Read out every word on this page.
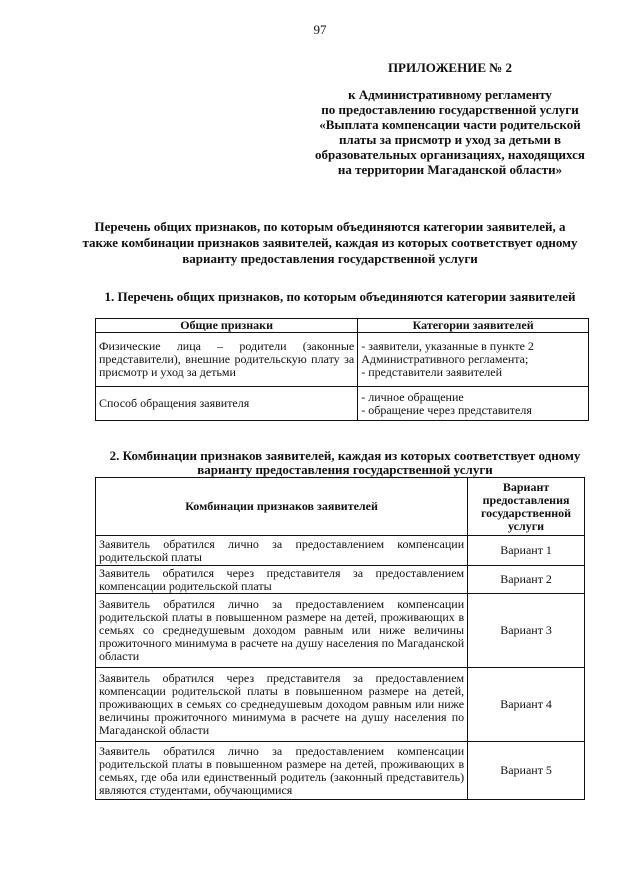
97
ПРИЛОЖЕНИЕ № 2
к Административному регламенту
по предоставлению государственной услуги
«Выплата компенсации части родительской
платы за присмотр и уход за детьми в
образовательных организациях, находящихся
на территории Магаданской области»
Перечень общих признаков, по которым объединяются категории заявителей, а
также комбинации признаков заявителей, каждая из которых соответствует одному
варианту предоставления государственной услуги
1. Перечень общих признаков, по которым объединяются категории заявителей
Общие признаки	Категории заявителей
Физические лица – родители (законные представители), внешние родительскую плату за присмотр и уход за детьми	- заявители, указанные в пункте 2 Административного регламента;
- представители заявителей

Способ обращения заявителя	- личное обращение
- обращение через представителя
2. Комбинации признаков заявителей, каждая из которых соответствует одному варианту предоставления государственной услуги
Комбинации признаков заявителей	Вариант предоставления государственной услуги
Заявитель обратился лично за предоставлением компенсации родительской платы	Вариант 1
Заявитель обратился через представителя за предоставлением компенсации родительской платы	Вариант 2
Заявитель обратился лично за предоставлением компенсации родительской платы в повышенном размере на детей, проживающих в семьях со среднедушевым доходом равным или ниже величины прожиточного минимума в расчете на душу населения по Магаданской области	Вариант 3
Заявитель обратился через представителя за предоставлением компенсации родительской платы в повышенном размере на детей, проживающих в семьях со среднедушевым доходом равным или ниже величины прожиточного минимума в расчете на душу населения по Магаданской области	Вариант 4
Заявитель обратился лично за предоставлением компенсации родительской платы в повышенном размере на детей, проживающих в семьях, где оба или единственный родитель (законный представитель) являются студентами, обучающимися	Вариант 5
